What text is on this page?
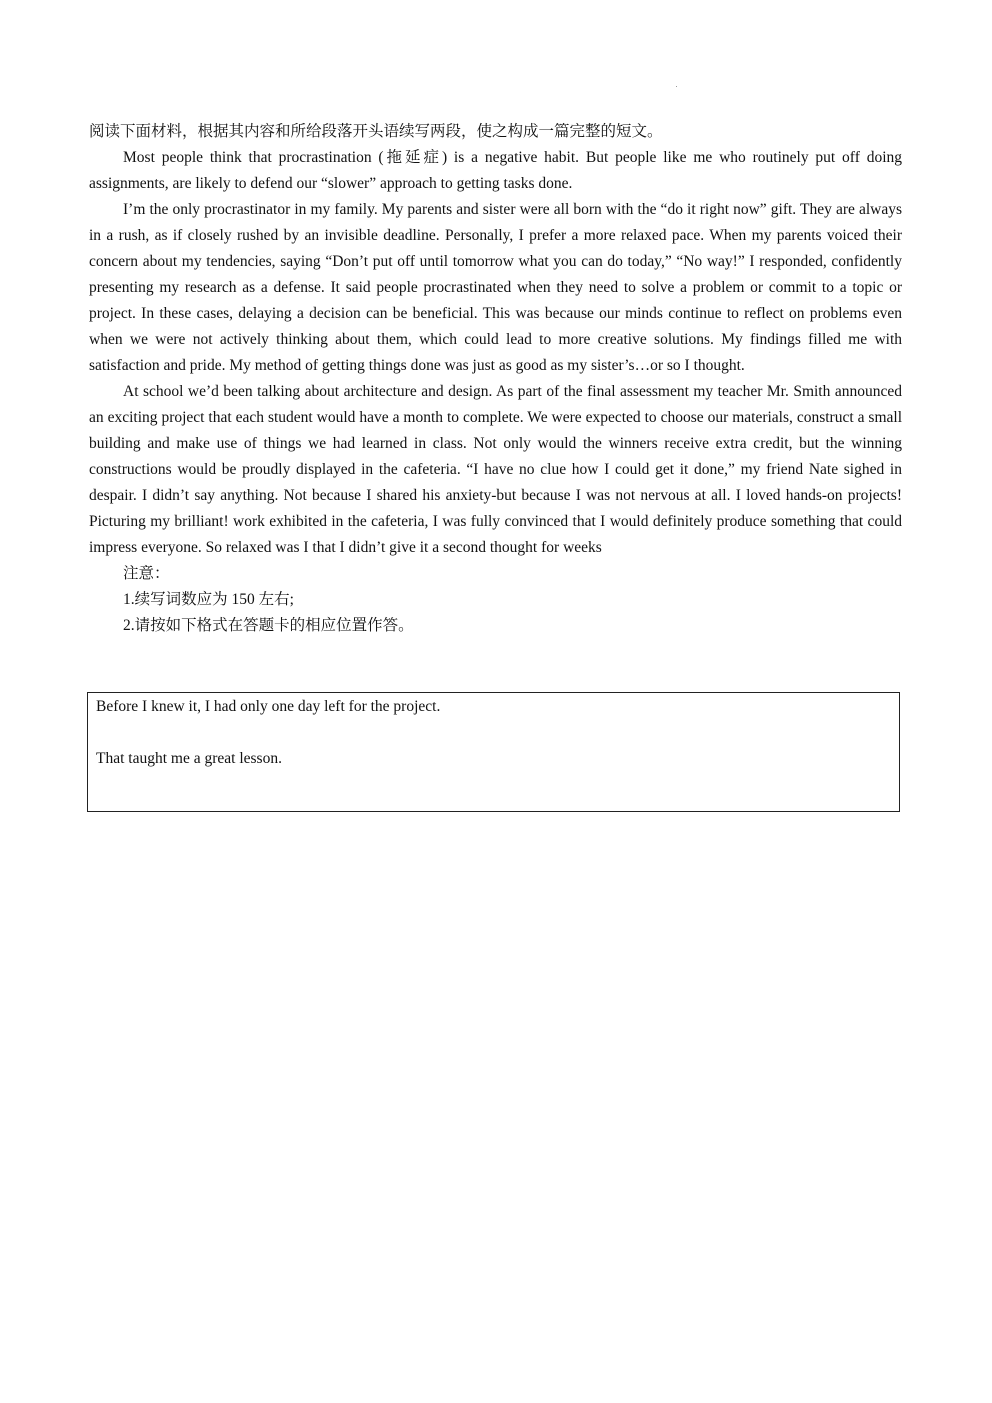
阅读下面材料，根据其内容和所给段落开头语续写两段，使之构成一篇完整的短文。

Most people think that procrastination (拖延症) is a negative habit. But people like me who routinely put off doing assignments, are likely to defend our “slower” approach to getting tasks done.

I’m the only procrastinator in my family. My parents and sister were all born with the “do it right now” gift. They are always in a rush, as if closely rushed by an invisible deadline. Personally, I prefer a more relaxed pace. When my parents voiced their concern about my tendencies, saying “Don’t put off until tomorrow what you can do today,” “No way!” I responded, confidently presenting my research as a defense. It said people procrastinated when they need to solve a problem or commit to a topic or project. In these cases, delaying a decision can be beneficial. This was because our minds continue to reflect on problems even when we were not actively thinking about them, which could lead to more creative solutions. My findings filled me with satisfaction and pride. My method of getting things done was just as good as my sister’s…or so I thought.

At school we’d been talking about architecture and design. As part of the final assessment my teacher Mr. Smith announced an exciting project that each student would have a month to complete. We were expected to choose our materials, construct a small building and make use of things we had learned in class. Not only would the winners receive extra credit, but the winning constructions would be proudly displayed in the cafeteria. “I have no clue how I could get it done,” my friend Nate sighed in despair. I didn’t say anything. Not because I shared his anxiety-but because I was not nervous at all. I loved hands-on projects! Picturing my brilliant! work exhibited in the cafeteria, I was fully convinced that I would definitely produce something that could impress everyone. So relaxed was I that I didn’t give it a second thought for weeks

注意：

1.续写词数应为 150 左右;

2.请按如下格式在答题卡的相应位置作答。

Before I knew it, I had only one day left for the project.

That taught me a great lesson.
